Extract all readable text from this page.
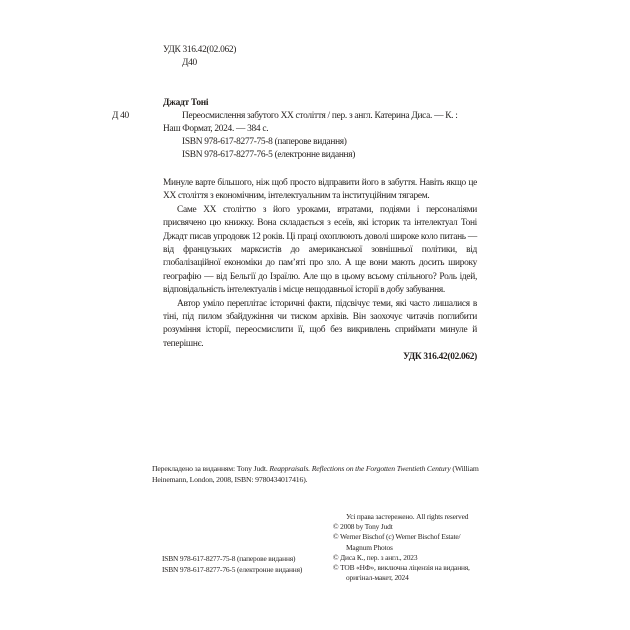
УДК 316.42(02.062)
Д40
Джадт Тоні
Д 40	Переосмислення забутого ХХ століття / пер. з англ. Катерина Диса. — К. :
Наш Формат, 2024. — 384 с.
ISBN 978-617-8277-75-8 (паперове видання)
ISBN 978-617-8277-76-5 (електронне видання)

Минуле варте більшого, ніж щоб просто відправити його в забуття. Навіть якщо це ХХ століття з економічним, інтелектуальним та інституційним тягарем.

Саме ХХ століттю з його уроками, втратами, подіями і персоналіями присвячено цю книжку. Вона складається з есеїв, які історик та інтелектуал Тоні Джадт писав упродовж 12 років. Ці праці охоплюють доволі широке коло питань — від французьких марксистів до американської зовнішньої політики, від глобалізаційної економіки до пам’яті про зло. А ще вони мають досить широку географію — від Бельгії до Ізраїлю. Але що в цьому всьому спільного? Роль ідей, відповідальність інтелектуалів і місце нещодавньої історії в добу забування.

Автор уміло переплітає історичні факти, підсвічує теми, які часто лишалися в тіні, під пилом збайдужіння чи тиском архівів. Він заохочує читачів поглибити розуміння історії, переосмислити її, щоб без викривлень сприймати минуле й теперішнє.

УДК 316.42(02.062)
Перекладено за виданням: Tony Judt. Reappraisals. Reflections on the Forgotten Twentieth Century (William Heinemann, London, 2008, ISBN: 9780434017416).
Усі права застережено. All rights reserved
© 2008 by Tony Judt
© Werner Bischof (c) Werner Bischof Estate/
Magnum Photos
© Диса К., пер. з англ., 2023
© ТОВ «НФ», виключна ліцензія на видання,
оригінал-макет, 2024
ISBN 978-617-8277-75-8 (паперове видання)
ISBN 978-617-8277-76-5 (електронне видання)
